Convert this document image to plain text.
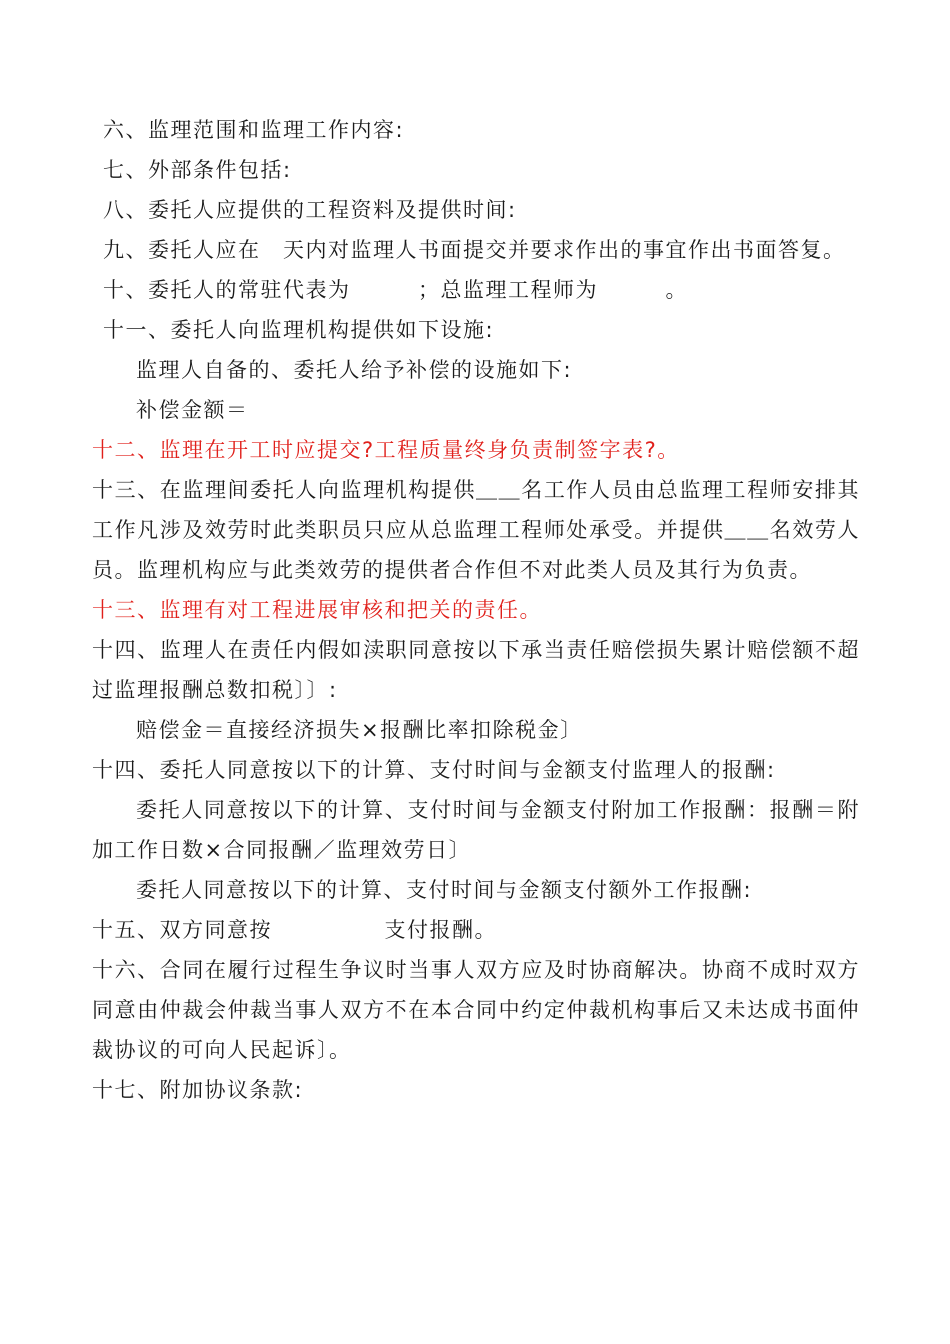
六、监理范围和监理工作内容:
七、外部条件包括:
八、委托人应提供的工程资料及提供时间:
九、委托人应在　天内对监理人书面提交并要求作出的事宜作出书面答复。
十、委托人的常驻代表为　　　；总监理工程师为　　　。
十一、委托人向监理机构提供如下设施:
监理人自备的、委托人给予补偿的设施如下:
补偿金额＝
十二、监理在开工时应提交?工程质量终身负责制签字表?。
十三、在监理间委托人向监理机构提供＿＿名工作人员由总监理工程师安排其
工作凡涉及效劳时此类职员只应从总监理工程师处承受。并提供＿＿名效劳人
员。监理机构应与此类效劳的提供者合作但不对此类人员及其行为负责。
十三、监理有对工程进展审核和把关的责任。
十四、监理人在责任内假如渎职同意按以下承当责任赔偿损失累计赔偿额不超
过监理报酬总数扣税〕〕:
赔偿金＝直接经济损失×报酬比率扣除税金〕
十四、委托人同意按以下的计算、支付时间与金额支付监理人的报酬:
委托人同意按以下的计算、支付时间与金额支付附加工作报酬：报酬＝附
加工作日数×合同报酬／监理效劳日〕
委托人同意按以下的计算、支付时间与金额支付额外工作报酬:
十五、双方同意按　　　　　支付报酬。
十六、合同在履行过程生争议时当事人双方应及时协商解决。协商不成时双方
同意由仲裁会仲裁当事人双方不在本合同中约定仲裁机构事后又未达成书面仲
裁协议的可向人民起诉〕。
十七、附加协议条款:
